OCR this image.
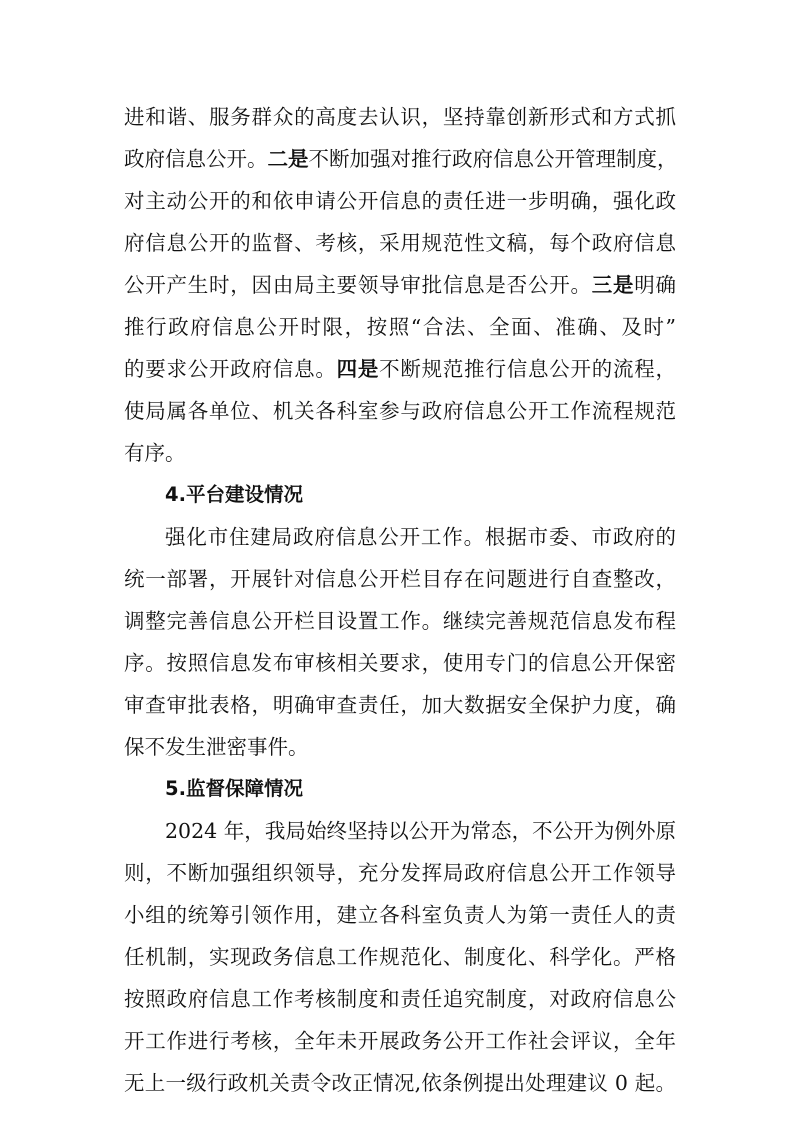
进和谐、服务群众的高度去认识，坚持靠创新形式和方式抓
政府信息公开。二是不断加强对推行政府信息公开管理制度，
对主动公开的和依申请公开信息的责任进一步明确，强化政
府信息公开的监督、考核，采用规范性文稿，每个政府信息
公开产生时，因由局主要领导审批信息是否公开。三是明确
推行政府信息公开时限，按照“合法、全面、准确、及时”
的要求公开政府信息。四是不断规范推行信息公开的流程，
使局属各单位、机关各科室参与政府信息公开工作流程规范
有序。
4.平台建设情况
强化市住建局政府信息公开工作。根据市委、市政府的
统一部署，开展针对信息公开栏目存在问题进行自查整改，
调整完善信息公开栏目设置工作。继续完善规范信息发布程
序。按照信息发布审核相关要求，使用专门的信息公开保密
审查审批表格，明确审查责任，加大数据安全保护力度，确
保不发生泄密事件。
5.监督保障情况
2024 年，我局始终坚持以公开为常态，不公开为例外原
则，不断加强组织领导，充分发挥局政府信息公开工作领导
小组的统筹引领作用，建立各科室负责人为第一责任人的责
任机制，实现政务信息工作规范化、制度化、科学化。严格
按照政府信息工作考核制度和责任追究制度，对政府信息公
开工作进行考核，全年未开展政务公开工作社会评议，全年
无上一级行政机关责令改正情况,依条例提出处理建议 0 起。
